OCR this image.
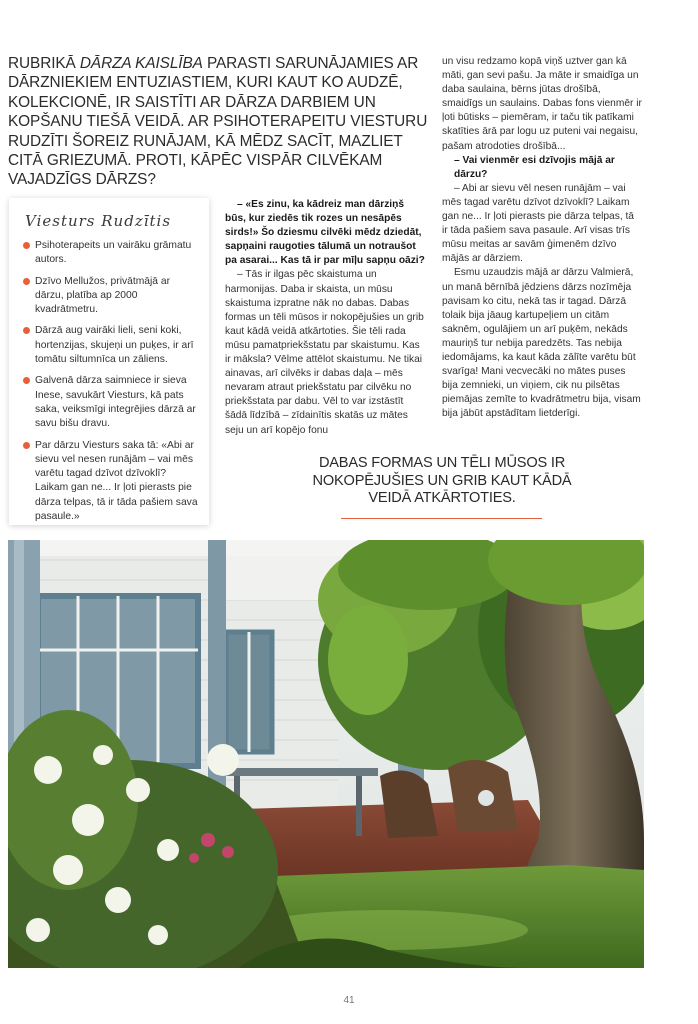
RUBRIKĀ DĀRZA KAISLĪBA PARASTI SARUNĀJAMIES AR DĀRZNIEKIEM ENTUZIASTIEM, KURI KAUT KO AUDZĒ, KOLEKCIONĒ, IR SAISTĪTI AR DĀRZA DARBIEM UN KOPŠANU TIEŠĀ VEIDĀ. AR PSIHOTERAPEITU VIESTURU RUDZĪTI ŠOREIZ RUNĀJAM, KĀ MĒDZ SACĪT, MAZLIET CITĀ GRIEZUMĀ. PROTI, KĀPĒC VISPĀR CILVĒKAM VAJADZĪGS DĀRZS?

un visu redzamo kopā viņš uztver gan kā māti, gan sevi pašu. Ja māte ir smaidīga un daba saulaina, bērns jūtas drošībā, smaidīgs un saulains. Dabas fons vienmēr ir ļoti būtisks – piemēram, ir taču tik patīkami skatīties ārā par logu uz puteni vai negaisu, pašam atrodoties drošībā...

– Vai vienmēr esi dzīvojis mājā ar dārzu?

– Abi ar sievu vēl nesen runājām – vai mēs tagad varētu dzīvot dzīvoklī? Laikam gan ne... Ir ļoti pierasts pie dārza telpas, tā ir tāda pašiem sava pasaule. Arī visas trīs mūsu meitas ar savām ģimenēm dzīvo mājās ar dārziem.

Esmu uzaudzis mājā ar dārzu Valmierā, un manā bērnībā jēdziens dārzs nozīmēja pavisam ko citu, nekā tas ir tagad. Dārzā tolaik bija jāaug kartupeļiem un citām saknēm, ogulājiem un arī puķēm, nekāds mauriņš tur nebija paredzēts. Tas nebija iedomājams, ka kaut kāda zālīte varētu būt svarīga! Mani vecvecāki no mātes puses bija zemnieki, un viņiem, cik nu pilsētas piemājas zemīte to kvadrātmetru bija, visam bija jābūt apstādītam lietderīgi.

Viesturs Rudzītis
Psihoterapeits un vairāku grāmatu autors.
Dzīvo Mellužos, privātmājā ar dārzu, platība ap 2000 kvadrātmetru.
Dārzā aug vairāki lieli, seni koki, hortenzijas, skujeņi un puķes, ir arī tomātu siltumnīca un zāliens.
Galvenā dārza saimniece ir sieva Inese, savukārt Viesturs, kā pats saka, veiksmīgi integrējies dārzā ar savu bišu dravu.
Par dārzu Viesturs saka tā: «Abi ar sievu vel nesen runājām – vai mēs varētu tagad dzīvot dzīvoklī? Laikam gan ne... Ir ļoti pierasts pie dārza telpas, tā ir tāda pašiem sava pasaule.»

– «Es zinu, ka kādreiz man dārziņš būs, kur ziedēs tik rozes un nesāpēs sirds!» Šo dziesmu cilvēki mēdz dziedāt, sapņaini raugoties tālumā un notraušot pa asarai... Kas tā ir par mīļu sapņu oāzi?

– Tās ir ilgas pēc skaistuma un harmonijas. Daba ir skaista, un mūsu skaistuma izpratne nāk no dabas. Dabas formas un tēli mūsos ir nokopējušies un grib kaut kādā veidā atkārtoties. Šie tēli rada mūsu pamatpriekšstatu par skaistumu. Kas ir māksla? Vēlme attēlot skaistumu. Ne tikai ainavas, arī cilvēks ir dabas daļa – mēs nevaram atraut priekšstatu par cilvēku no priekšstata par dabu. Vēl to var izstāstīt šādā līdzībā – zīdainītis skatās uz mātes seju un arī kopējo fonu

DABAS FORMAS UN TĒLI MŪSOS IR NOKOPĒJUŠIES UN GRIB KAUT KĀDĀ VEIDĀ ATKĀRTOTIES.
41
